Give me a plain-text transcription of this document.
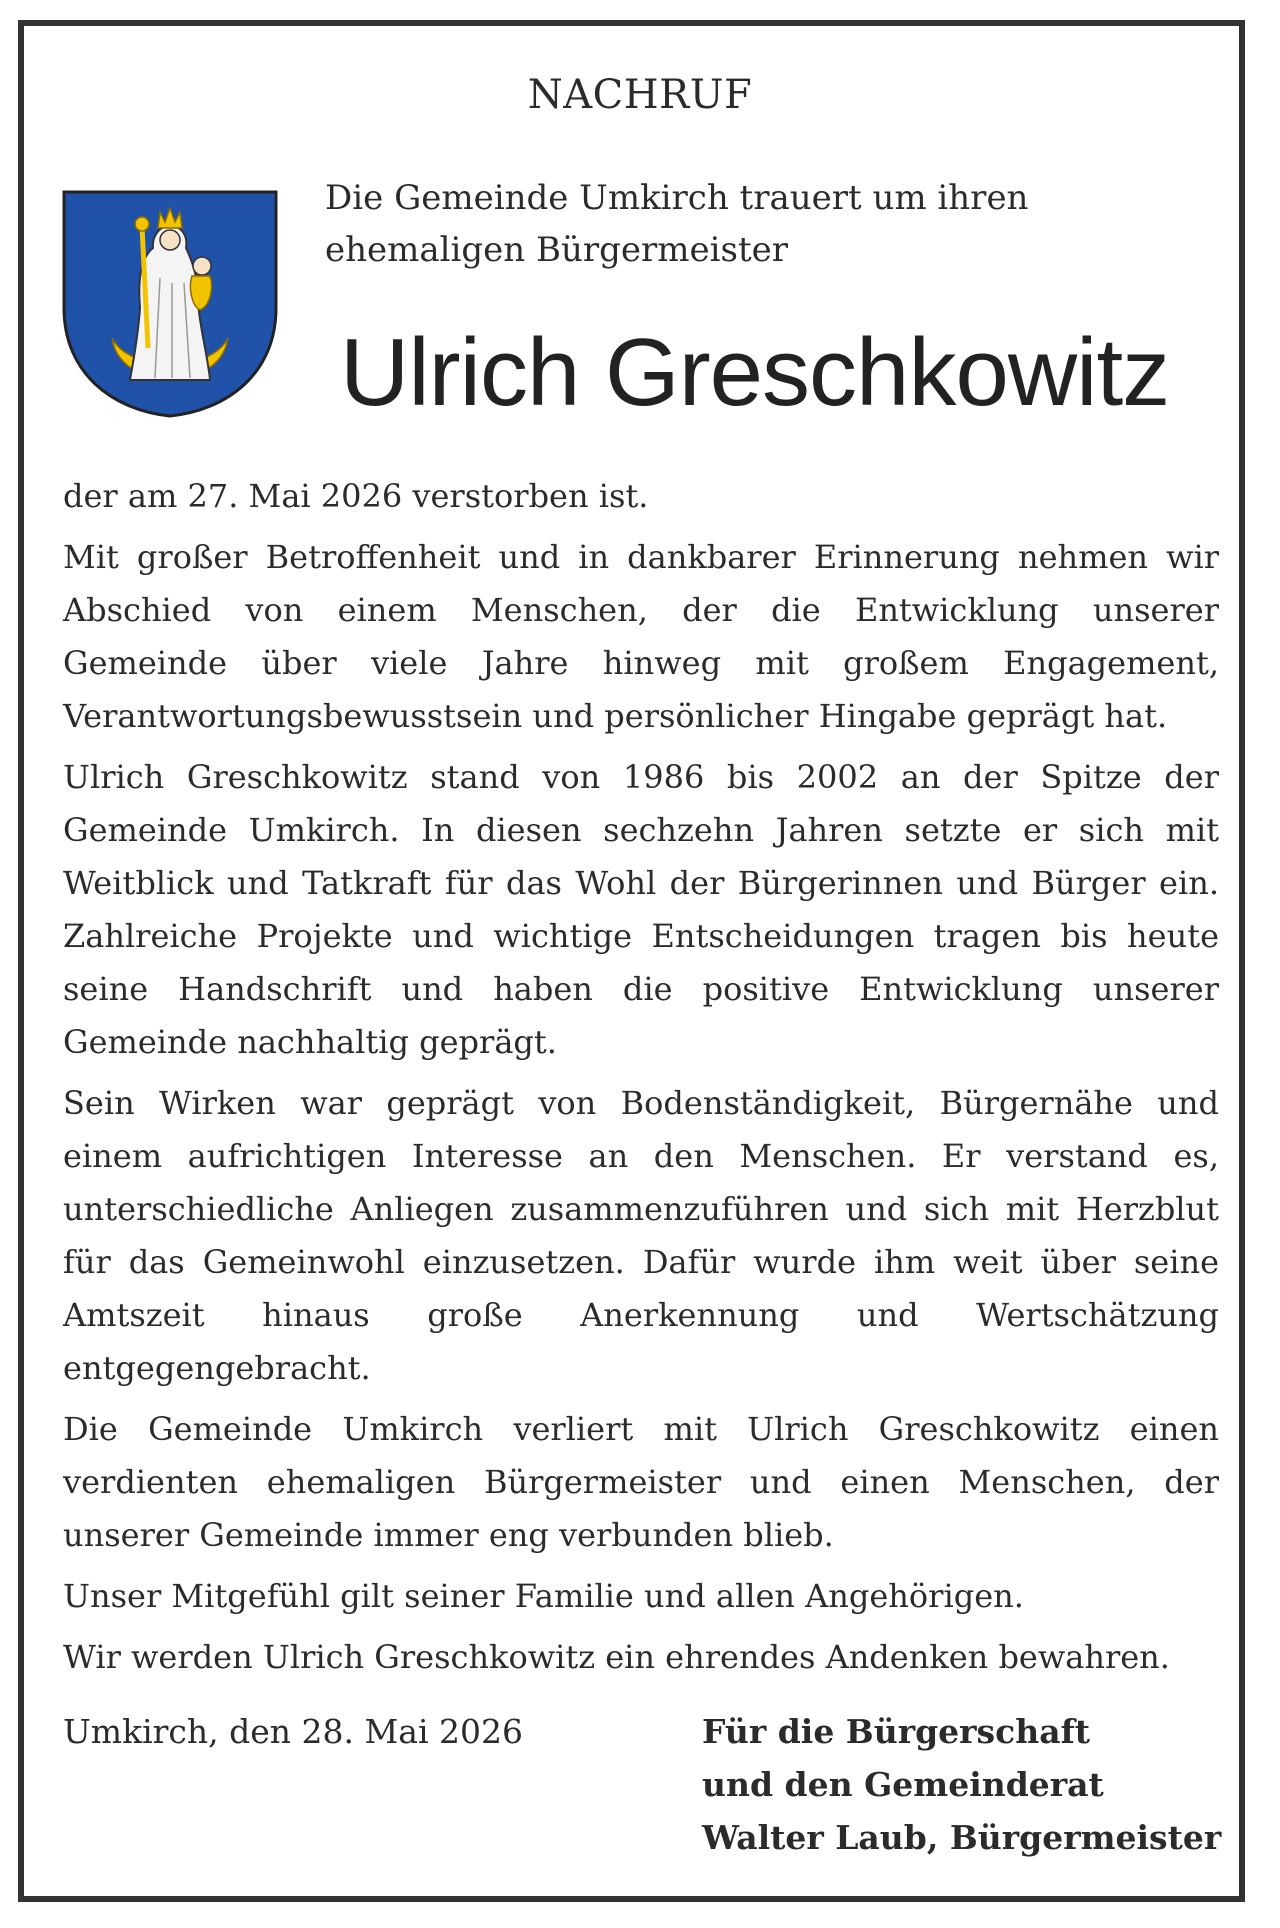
NACHRUF
Die Gemeinde Umkirch trauert um ihren ehemaligen Bürgermeister
Ulrich Greschkowitz

der am 27. Mai 2026 verstorben ist.

Mit großer Betroffenheit und in dankbarer Erinnerung nehmen wir Abschied von einem Menschen, der die Entwicklung unserer Gemeinde über viele Jahre hinweg mit großem Engagement, Verantwortungsbewusstsein und persönlicher Hingabe geprägt hat.

Ulrich Greschkowitz stand von 1986 bis 2002 an der Spitze der Gemeinde Umkirch. In diesen sechzehn Jahren setzte er sich mit Weitblick und Tatkraft für das Wohl der Bürgerinnen und Bürger ein. Zahlreiche Projekte und wichtige Entscheidungen tragen bis heute seine Handschrift und haben die positive Entwicklung unserer Gemeinde nachhaltig geprägt.

Sein Wirken war geprägt von Bodenständigkeit, Bürgernähe und einem aufrichtigen Interesse an den Menschen. Er verstand es, unterschiedliche Anliegen zusammenzuführen und sich mit Herzblut für das Gemeinwohl einzusetzen. Dafür wurde ihm weit über seine Amtszeit hinaus große Anerkennung und Wertschätzung entgegengebracht.

Die Gemeinde Umkirch verliert mit Ulrich Greschkowitz einen verdienten ehemaligen Bürgermeister und einen Menschen, der unserer Gemeinde immer eng verbunden blieb.

Unser Mitgefühl gilt seiner Familie und allen Angehörigen.

Wir werden Ulrich Greschkowitz ein ehrendes Andenken bewahren.

Umkirch, den 28. Mai 2026	Für die Bürgerschaft
und den Gemeinderat
Walter Laub, Bürgermeister
